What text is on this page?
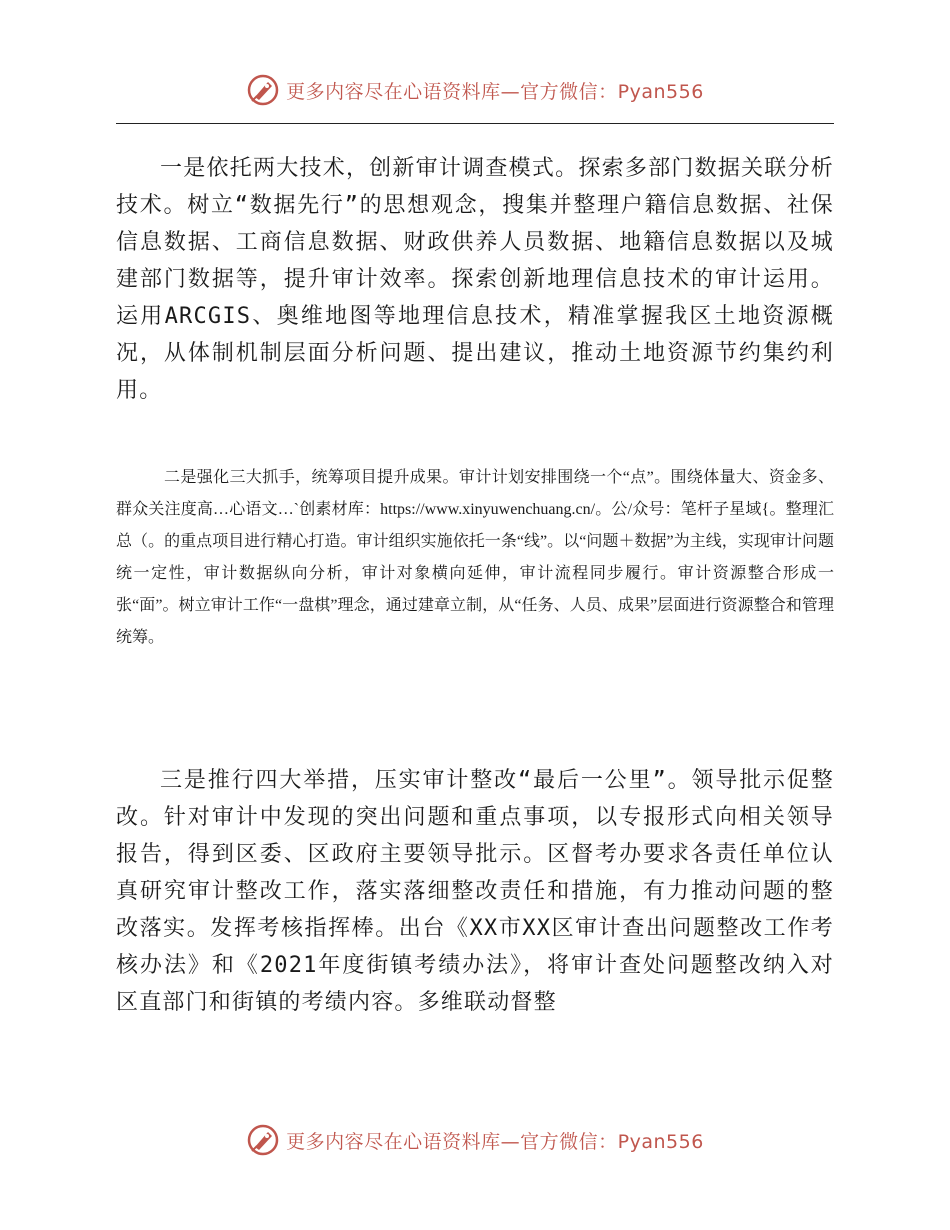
更多内容尽在心语资料库—官方微信：Pyan556

一是依托两大技术，创新审计调查模式。探索多部门数据关联分析技术。树立“数据先行”的思想观念，搜集并整理户籍信息数据、社保信息数据、工商信息数据、财政供养人员数据、地籍信息数据以及城建部门数据等，提升审计效率。探索创新地理信息技术的审计运用。运用ARCGIS、奥维地图等地理信息技术，精准掌握我区土地资源概况，从体制机制层面分析问题、提出建议，推动土地资源节约集约利用。

二是强化三大抓手，统筹项目提升成果。审计计划安排围绕一个“点”。围绕体量大、资金多、群众关注度高…心语文…`创素材库：https://www.xinyuwenchuang.cn/。公/众号：笔杆子星域{。整理汇总（。的重点项目进行精心打造。审计组织实施依托一条“线”。以“问题＋数据”为主线，实现审计问题统一定性，审计数据纵向分析，审计对象横向延伸，审计流程同步履行。审计资源整合形成一张“面”。树立审计工作“一盘棋”理念，通过建章立制，从“任务、人员、成果”层面进行资源整合和管理统筹。

三是推行四大举措，压实审计整改“最后一公里”。领导批示促整改。针对审计中发现的突出问题和重点事项，以专报形式向相关领导报告，得到区委、区政府主要领导批示。区督考办要求各责任单位认真研究审计整改工作，落实落细整改责任和措施，有力推动问题的整改落实。发挥考核指挥棒。出台《XX市XX区审计查出问题整改工作考核办法》和《2021年度街镇考绩办法》，将审计查处问题整改纳入对区直部门和街镇的考绩内容。多维联动督整

更多内容尽在心语资料库—官方微信：Pyan556
